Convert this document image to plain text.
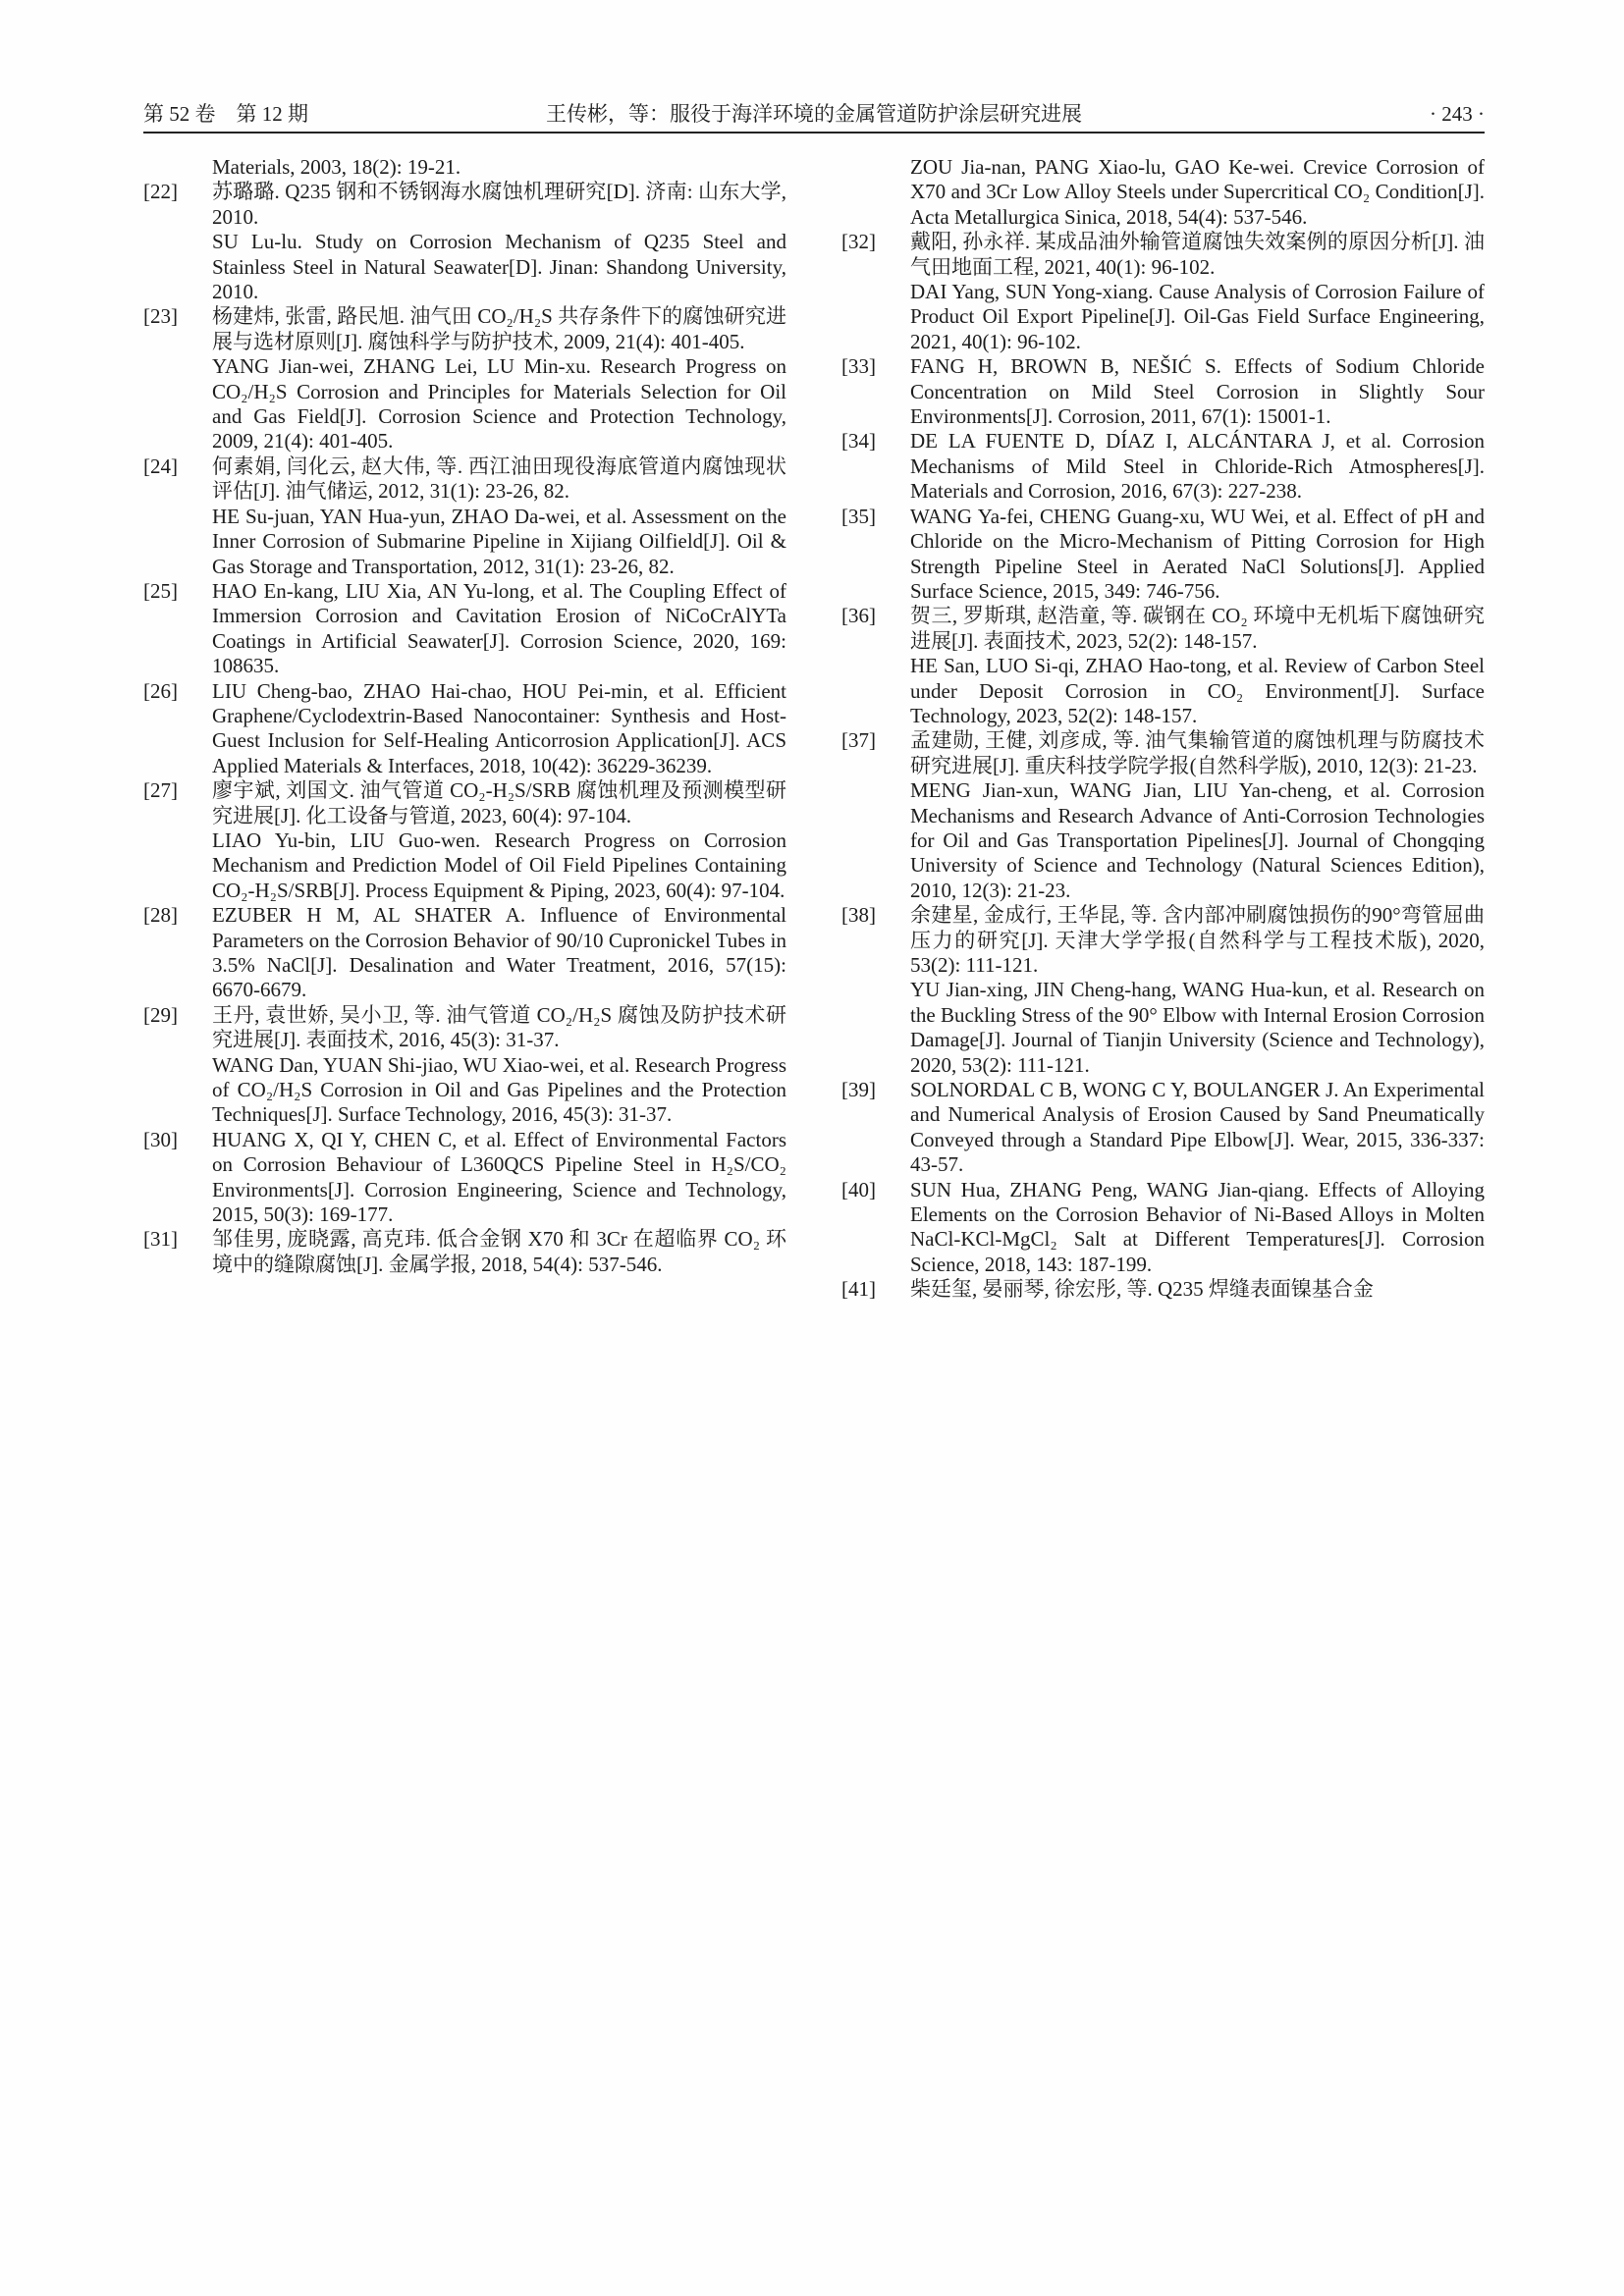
第 52 卷　第 12 期	王传彬，等：服役于海洋环境的金属管道防护涂层研究进展	· 243 ·

Materials, 2003, 18(2): 19-21.

[22]	苏璐璐. Q235 钢和不锈钢海水腐蚀机理研究[D]. 济南: 山东大学, 2010.

SU Lu-lu. Study on Corrosion Mechanism of Q235 Steel and Stainless Steel in Natural Seawater[D]. Jinan: Shandong University, 2010.

[23]	杨建炜, 张雷, 路民旭. 油气田 CO₂/H₂S 共存条件下的腐蚀研究进展与选材原则[J]. 腐蚀科学与防护技术, 2009, 21(4): 401-405.

YANG Jian-wei, ZHANG Lei, LU Min-xu. Research Progress on CO₂/H₂S Corrosion and Principles for Materials Selection for Oil and Gas Field[J]. Corrosion Science and Protection Technology, 2009, 21(4): 401-405.

[24]	何素娟, 闫化云, 赵大伟, 等. 西江油田现役海底管道内腐蚀现状评估[J]. 油气储运, 2012, 31(1): 23-26, 82.

HE Su-juan, YAN Hua-yun, ZHAO Da-wei, et al. Assessment on the Inner Corrosion of Submarine Pipeline in Xijiang Oilfield[J]. Oil & Gas Storage and Transportation, 2012, 31(1): 23-26, 82.

[25]	HAO En-kang, LIU Xia, AN Yu-long, et al. The Coupling Effect of Immersion Corrosion and Cavitation Erosion of NiCoCrAlYTa Coatings in Artificial Seawater[J]. Corrosion Science, 2020, 169: 108635.

[26]	LIU Cheng-bao, ZHAO Hai-chao, HOU Pei-min, et al. Efficient Graphene/Cyclodextrin-Based Nanocontainer: Synthesis and Host-Guest Inclusion for Self-Healing Anticorrosion Application[J]. ACS Applied Materials & Interfaces, 2018, 10(42): 36229-36239.

[27]	廖宇斌, 刘国文. 油气管道 CO₂-H₂S/SRB 腐蚀机理及预测模型研究进展[J]. 化工设备与管道, 2023, 60(4): 97-104.

LIAO Yu-bin, LIU Guo-wen. Research Progress on Corrosion Mechanism and Prediction Model of Oil Field Pipelines Containing CO₂-H₂S/SRB[J]. Process Equipment & Piping, 2023, 60(4): 97-104.

[28]	EZUBER H M, AL SHATER A. Influence of Environmental Parameters on the Corrosion Behavior of 90/10 Cupronickel Tubes in 3.5% NaCl[J]. Desalination and Water Treatment, 2016, 57(15): 6670-6679.

[29]	王丹, 袁世娇, 吴小卫, 等. 油气管道 CO₂/H₂S 腐蚀及防护技术研究进展[J]. 表面技术, 2016, 45(3): 31-37.

WANG Dan, YUAN Shi-jiao, WU Xiao-wei, et al. Research Progress of CO₂/H₂S Corrosion in Oil and Gas Pipelines and the Protection Techniques[J]. Surface Technology, 2016, 45(3): 31-37.

[30]	HUANG X, QI Y, CHEN C, et al. Effect of Environmental Factors on Corrosion Behaviour of L360QCS Pipeline Steel in H₂S/CO₂ Environments[J]. Corrosion Engineering, Science and Technology, 2015, 50(3): 169-177.

[31]	邹佳男, 庞晓露, 高克玮. 低合金钢 X70 和 3Cr 在超临界 CO₂ 环境中的缝隙腐蚀[J]. 金属学报, 2018, 54(4): 537-546.

ZOU Jia-nan, PANG Xiao-lu, GAO Ke-wei. Crevice Corrosion of X70 and 3Cr Low Alloy Steels under Supercritical CO₂ Condition[J]. Acta Metallurgica Sinica, 2018, 54(4): 537-546.

[32]	戴阳, 孙永祥. 某成品油外输管道腐蚀失效案例的原因分析[J]. 油气田地面工程, 2021, 40(1): 96-102.

DAI Yang, SUN Yong-xiang. Cause Analysis of Corrosion Failure of Product Oil Export Pipeline[J]. Oil-Gas Field Surface Engineering, 2021, 40(1): 96-102.

[33]	FANG H, BROWN B, NEŠIĆ S. Effects of Sodium Chloride Concentration on Mild Steel Corrosion in Slightly Sour Environments[J]. Corrosion, 2011, 67(1): 15001-1.

[34]	DE LA FUENTE D, DÍAZ I, ALCÁNTARA J, et al. Corrosion Mechanisms of Mild Steel in Chloride-Rich Atmospheres[J]. Materials and Corrosion, 2016, 67(3): 227-238.

[35]	WANG Ya-fei, CHENG Guang-xu, WU Wei, et al. Effect of pH and Chloride on the Micro-Mechanism of Pitting Corrosion for High Strength Pipeline Steel in Aerated NaCl Solutions[J]. Applied Surface Science, 2015, 349: 746-756.

[36]	贺三, 罗斯琪, 赵浩童, 等. 碳钢在 CO₂ 环境中无机垢下腐蚀研究进展[J]. 表面技术, 2023, 52(2): 148-157.

HE San, LUO Si-qi, ZHAO Hao-tong, et al. Review of Carbon Steel under Deposit Corrosion in CO₂ Environment[J]. Surface Technology, 2023, 52(2): 148-157.

[37]	孟建勋, 王健, 刘彦成, 等. 油气集输管道的腐蚀机理与防腐技术研究进展[J]. 重庆科技学院学报(自然科学版), 2010, 12(3): 21-23.

MENG Jian-xun, WANG Jian, LIU Yan-cheng, et al. Corrosion Mechanisms and Research Advance of Anti-Corrosion Technologies for Oil and Gas Transportation Pipelines[J]. Journal of Chongqing University of Science and Technology (Natural Sciences Edition), 2010, 12(3): 21-23.

[38]	余建星, 金成行, 王华昆, 等. 含内部冲刷腐蚀损伤的90°弯管屈曲压力的研究[J]. 天津大学学报(自然科学与工程技术版), 2020, 53(2): 111-121.

YU Jian-xing, JIN Cheng-hang, WANG Hua-kun, et al. Research on the Buckling Stress of the 90° Elbow with Internal Erosion Corrosion Damage[J]. Journal of Tianjin University (Science and Technology), 2020, 53(2): 111-121.

[39]	SOLNORDAL C B, WONG C Y, BOULANGER J. An Experimental and Numerical Analysis of Erosion Caused by Sand Pneumatically Conveyed through a Standard Pipe Elbow[J]. Wear, 2015, 336-337: 43-57.

[40]	SUN Hua, ZHANG Peng, WANG Jian-qiang. Effects of Alloying Elements on the Corrosion Behavior of Ni-Based Alloys in Molten NaCl-KCl-MgCl₂ Salt at Different Temperatures[J]. Corrosion Science, 2018, 143: 187-199.

[41]	柴廷玺, 晏丽琴, 徐宏彤, 等. Q235 焊缝表面镍基合金
